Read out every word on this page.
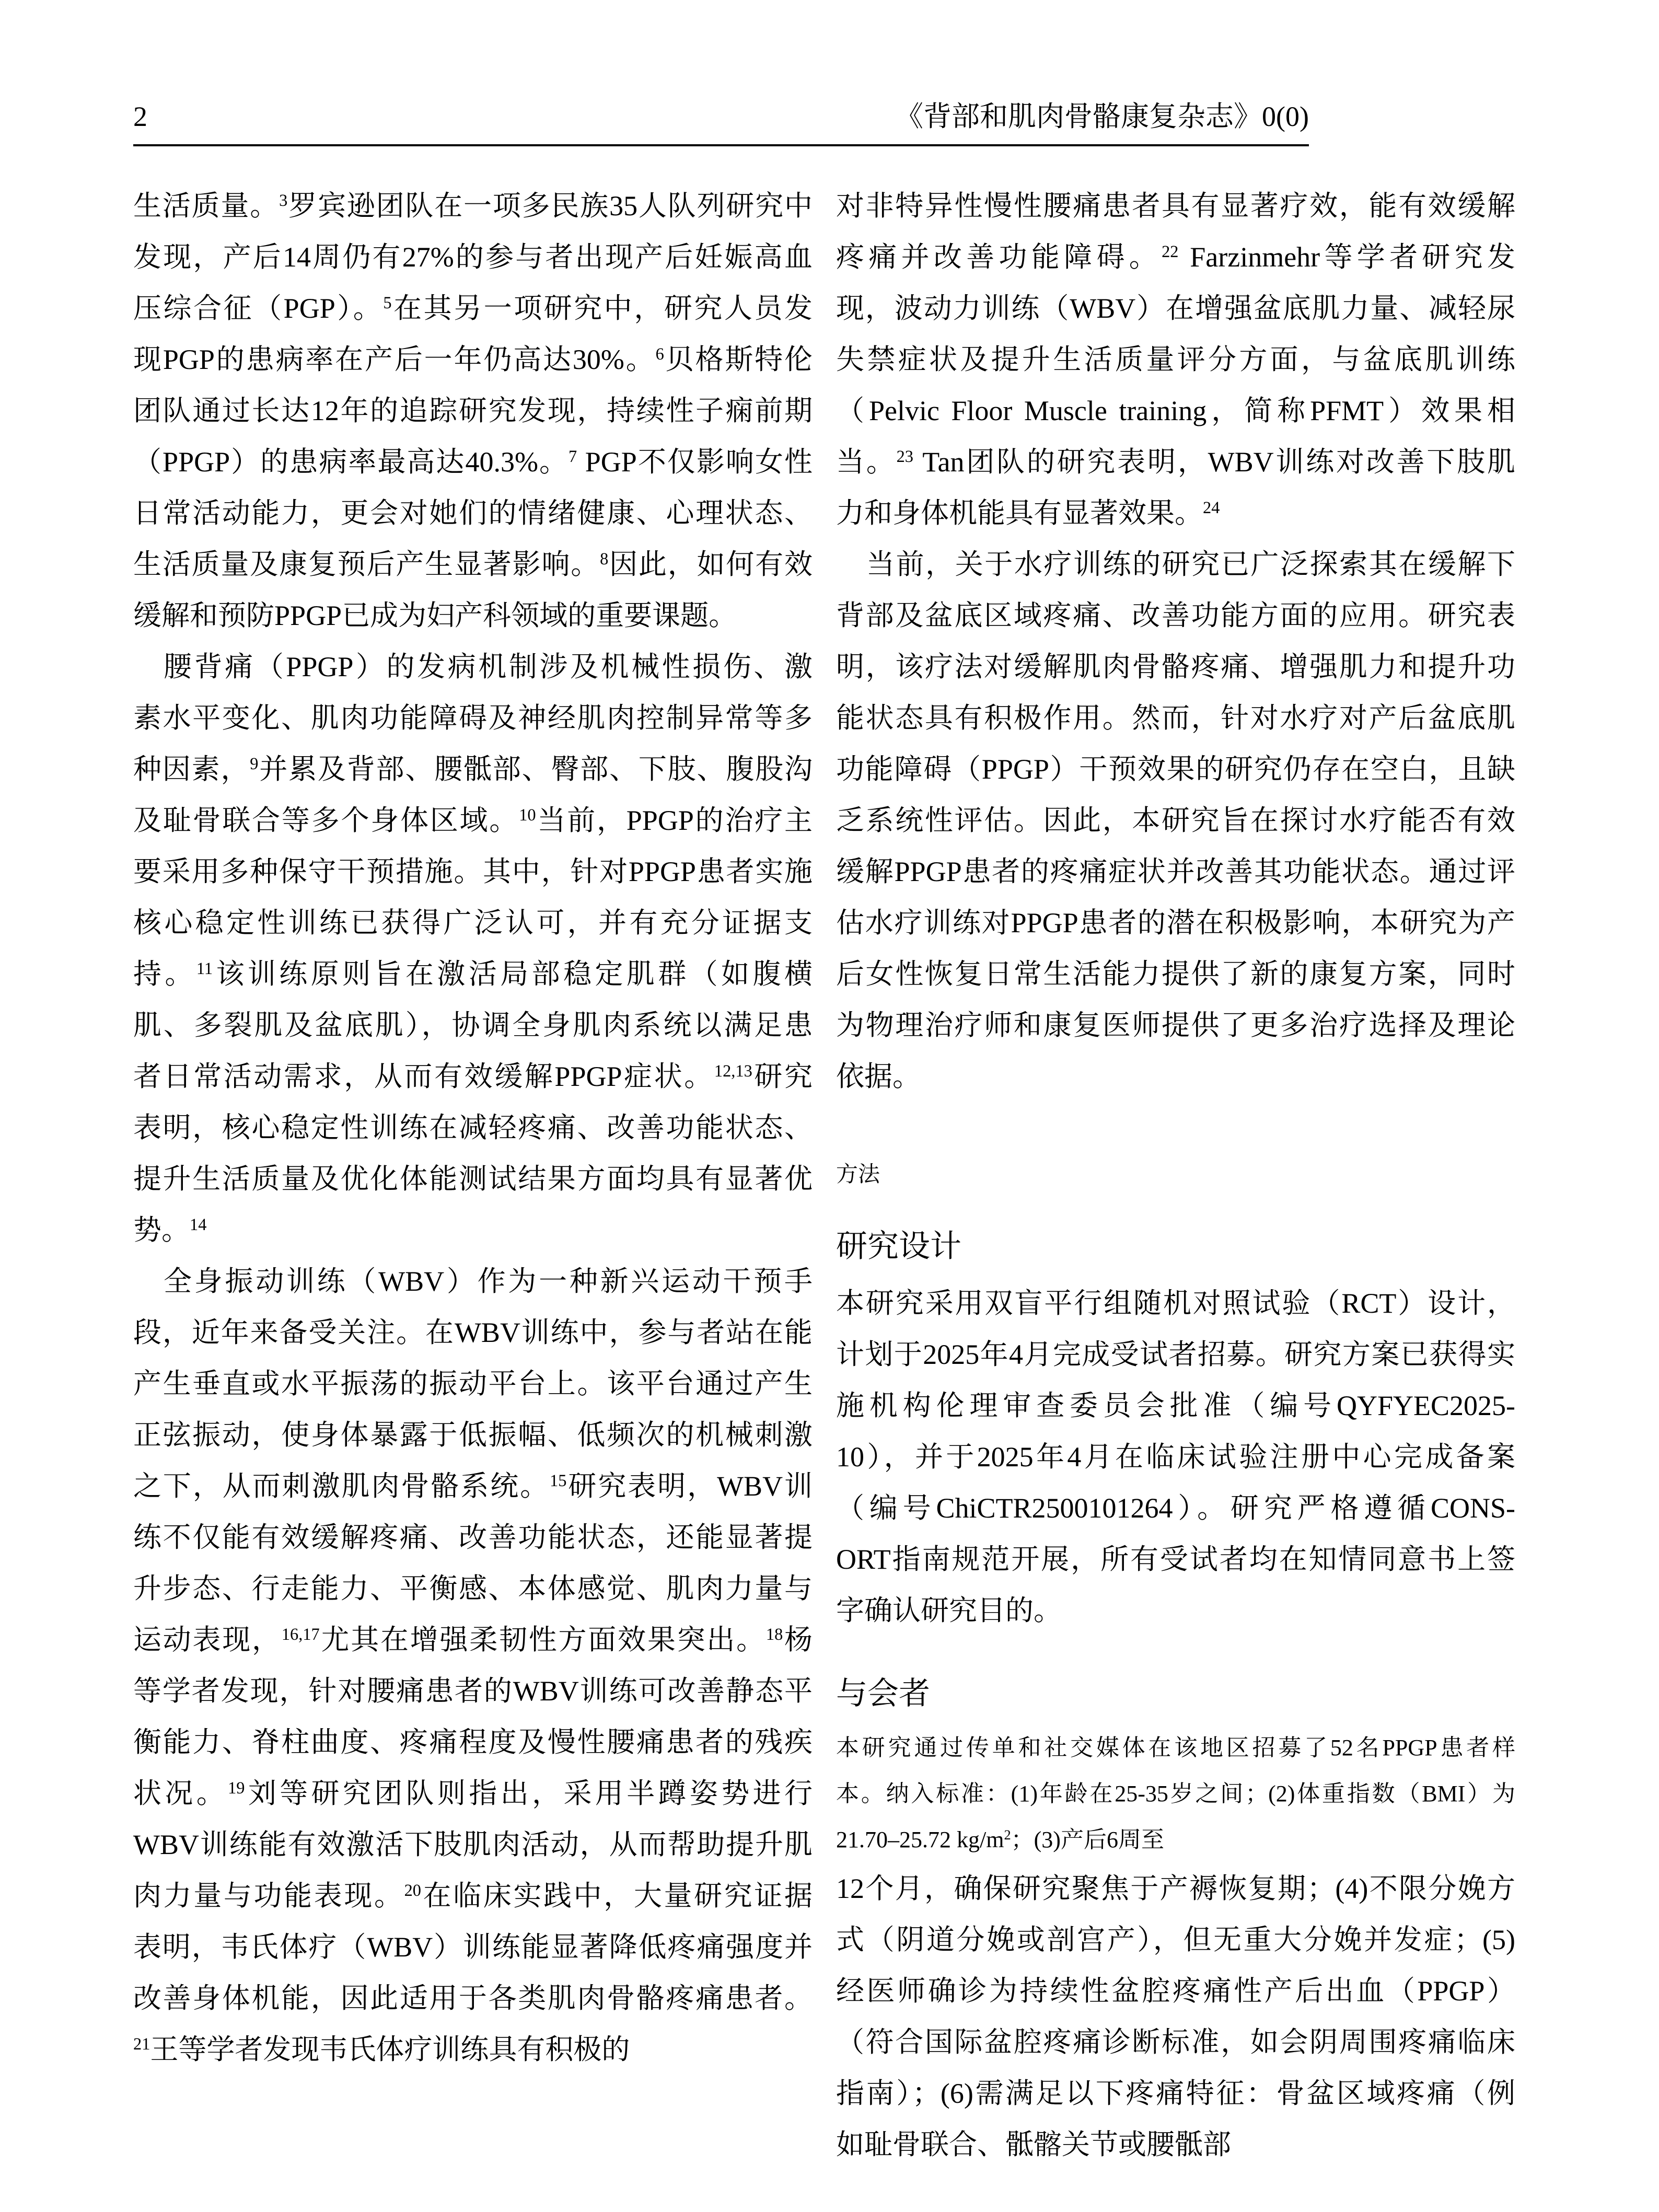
2	《背部和肌肉骨骼康复杂志》0(0)
生活质量。$^3$罗宾逊团队在一项多民族35人队列研究中
发现，产后14周仍有27%的参与者出现产后妊娠高血
压综合征（PGP）。$^5$在其另一项研究中，研究人员发
现PGP的患病率在产后一年仍高达30%。$^6$贝格斯特伦
团队通过长达12年的追踪研究发现，持续性子痫前期
（PPGP）的患病率最高达40.3%。$^7$ PGP不仅影响女性
日常活动能力，更会对她们的情绪健康、心理状态、
生活质量及康复预后产生显著影响。$^8$因此，如何有效
缓解和预防PPGP已成为妇产科领域的重要课题。
腰背痛（PPGP）的发病机制涉及机械性损伤、激
素水平变化、肌肉功能障碍及神经肌肉控制异常等多
种因素，$^9$并累及背部、腰骶部、臀部、下肢、腹股沟
及耻骨联合等多个身体区域。$^{10}$当前，PPGP的治疗主
要采用多种保守干预措施。其中，针对PPGP患者实施
核心稳定性训练已获得广泛认可，并有充分证据支
持。$^{11}$该训练原则旨在激活局部稳定肌群（如腹横
肌、多裂肌及盆底肌），协调全身肌肉系统以满足患
者日常活动需求，从而有效缓解PPGP症状。$^{12,13}$研究
表明，核心稳定性训练在减轻疼痛、改善功能状态、
提升生活质量及优化体能测试结果方面均具有显著优
势。$^{14}$
全身振动训练（WBV）作为一种新兴运动干预手
段，近年来备受关注。在WBV训练中，参与者站在能
产生垂直或水平振荡的振动平台上。该平台通过产生
正弦振动，使身体暴露于低振幅、低频次的机械刺激
之下，从而刺激肌肉骨骼系统。$^{15}$研究表明，WBV训
练不仅能有效缓解疼痛、改善功能状态，还能显著提
升步态、行走能力、平衡感、本体感觉、肌肉力量与
运动表现，$^{16,17}$尤其在增强柔韧性方面效果突出。$^{18}$杨
等学者发现，针对腰痛患者的WBV训练可改善静态平
衡能力、脊柱曲度、疼痛程度及慢性腰痛患者的残疾
状况。$^{19}$刘等研究团队则指出，采用半蹲姿势进行
WBV训练能有效激活下肢肌肉活动，从而帮助提升肌
肉力量与功能表现。$^{20}$在临床实践中，大量研究证据
表明，韦氏体疗（WBV）训练能显著降低疼痛强度并
改善身体机能，因此适用于各类肌肉骨骼疼痛患者。
$^{21}$王等学者发现韦氏体疗训练具有积极的
对非特异性慢性腰痛患者具有显著疗效，能有效缓解
疼痛并改善功能障碍。$^{22}$ Farzinmehr等学者研究发
现，波动力训练（WBV）在增强盆底肌力量、减轻尿
失禁症状及提升生活质量评分方面，与盆底肌训练
（Pelvic Floor Muscle training，简称PFMT）效果相
当。$^{23}$ Tan团队的研究表明，WBV训练对改善下肢肌
力和身体机能具有显著效果。$^{24}$
当前，关于水疗训练的研究已广泛探索其在缓解下
背部及盆底区域疼痛、改善功能方面的应用。研究表
明，该疗法对缓解肌肉骨骼疼痛、增强肌力和提升功
能状态具有积极作用。然而，针对水疗对产后盆底肌
功能障碍（PPGP）干预效果的研究仍存在空白，且缺
乏系统性评估。因此，本研究旨在探讨水疗能否有效
缓解PPGP患者的疼痛症状并改善其功能状态。通过评
估水疗训练对PPGP患者的潜在积极影响，本研究为产
后女性恢复日常生活能力提供了新的康复方案，同时
为物理治疗师和康复医师提供了更多治疗选择及理论
依据。
方法
研究设计
本研究采用双盲平行组随机对照试验（RCT）设计，
计划于2025年4月完成受试者招募。研究方案已获得实
施机构伦理审查委员会批准（编号QYFYEC2025-
10），并于2025年4月在临床试验注册中心完成备案
（编号ChiCTR2500101264）。研究严格遵循CONS-
ORT指南规范开展，所有受试者均在知情同意书上签
字确认研究目的。
与会者
本研究通过传单和社交媒体在该地区招募了52名PPGP患者样
本。纳入标准：(1)年龄在25-35岁之间；(2)体重指数（BMI）为
21.70–25.72 $kg/m^2$；(3)产后6周至
12个月，确保研究聚焦于产褥恢复期；(4)不限分娩方
式（阴道分娩或剖宫产），但无重大分娩并发症；(5)
经医师确诊为持续性盆腔疼痛性产后出血（PPGP）
（符合国际盆腔疼痛诊断标准，如会阴周围疼痛临床
指南）；(6)需满足以下疼痛特征：骨盆区域疼痛（例
如耻骨联合、骶髂关节或腰骶部
